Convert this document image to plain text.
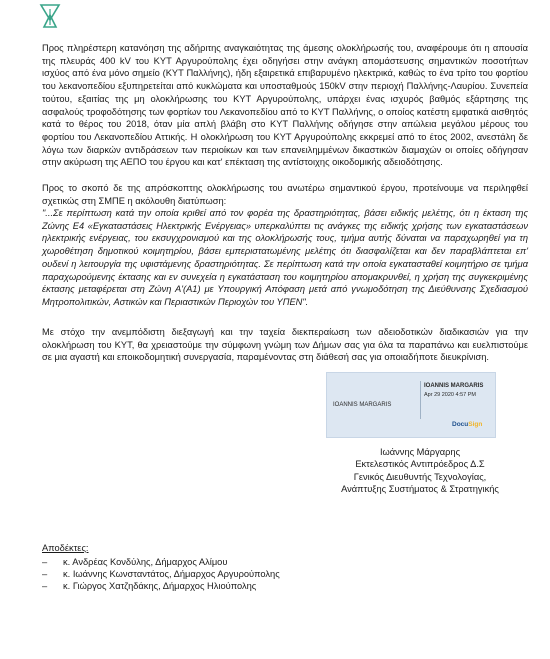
Προς πληρέστερη κατανόηση της αδήριτης αναγκαιότητας της άμεσης ολοκλήρωσής του, αναφέρουμε ότι η απουσία της πλευράς 400 kV του ΚΥΤ Αργυρούπολης έχει οδηγήσει στην ανάγκη απομάστευσης σημαντικών ποσοτήτων ισχύος από ένα μόνο σημείο (ΚΥΤ Παλλήνης), ήδη εξαιρετικά επιβαρυμένο ηλεκτρικά, καθώς το ένα τρίτο του φορτίου του λεκανοπεδίου εξυπηρετείται από κυκλώματα και υποσταθμούς 150kV στην περιοχή Παλλήνης-Λαυρίου. Συνεπεία τούτου, εξαιτίας της μη ολοκλήρωσης του ΚΥΤ Αργυρούπολης, υπάρχει ένας ισχυρός βαθμός εξάρτησης της ασφαλούς τροφοδότησης των φορτίων του Λεκανοπεδίου από το ΚΥΤ Παλλήνης, ο οποίος κατέστη εμφατικά αισθητός κατά το θέρος του 2018, όταν μία απλή βλάβη στο ΚΥΤ Παλλήνης οδήγησε στην απώλεια μεγάλου μέρους του φορτίου του Λεκανοπεδίου Αττικής. Η ολοκλήρωση του ΚΥΤ Αργυρούπολης εκκρεμεί από το έτος 2002, ανεστάλη δε λόγω των διαρκών αντιδράσεων των περιοίκων και των επανειλημμένων δικαστικών διαμαχών οι οποίες οδήγησαν στην ακύρωση της ΑΕΠΟ του έργου και κατ' επέκταση της αντίστοιχης οικοδομικής αδειοδότησης.

Προς το σκοπό δε της απρόσκοπτης ολοκλήρωσης του ανωτέρω σημαντικού έργου, προτείνουμε να περιληφθεί σχετικώς στη ΣΜΠΕ η ακόλουθη διατύπωση:

"...Σε περίπτωση κατά την οποία κριθεί από τον φορέα της δραστηριότητας, βάσει ειδικής μελέτης, ότι η έκταση της Ζώνης Ε4 «Εγκαταστάσεις Ηλεκτρικής Ενέργειας» υπερκαλύπτει τις ανάγκες της ειδικής χρήσης των εγκαταστάσεων ηλεκτρικής ενέργειας, του εκσυγχρονισμού και της ολοκλήρωσής τους, τμήμα αυτής δύναται να παραχωρηθεί για τη χωροθέτηση δημοτικού κοιμητηρίου, βάσει εμπεριστατωμένης μελέτης ότι διασφαλίζεται και δεν παραβλάπτεται επ' ουδενί η λειτουργία της υφιστάμενης δραστηριότητας. Σε περίπτωση κατά την οποία εγκατασταθεί κοιμητήριο σε τμήμα παραχωρούμενης έκτασης και εν συνεχεία η εγκατάσταση του κοιμητηρίου απομακρυνθεί, η χρήση της συγκεκριμένης έκτασης μεταφέρεται στη Ζώνη Α'(Α1) με Υπουργική Απόφαση μετά από γνωμοδότηση της Διεύθυνσης Σχεδιασμού Μητροπολιτικών, Αστικών και Περιαστικών Περιοχών του ΥΠΕΝ".

Με στόχο την ανεμπόδιστη διεξαγωγή και την ταχεία διεκπεραίωση των αδειοδοτικών διαδικασιών για την ολοκλήρωση του ΚΥΤ, θα χρειαστούμε την σύμφωνη γνώμη των Δήμων σας για όλα τα παραπάνω και ευελπιστούμε σε μια αγαστή και εποικοδομητική συνεργασία, παραμένοντας στη διάθεσή σας για οποιαδήποτε διευκρίνιση.

IOANNIS MARGARIS
IOANNIS MARGARIS
Apr 29 2020 4:57 PM
DocuSign
Ιωάννης Μάργαρης
Εκτελεστικός Αντιπρόεδρος Δ.Σ
Γενικός Διευθυντής Τεχνολογίας,
Ανάπτυξης Συστήματος & Στρατηγικής
Αποδέκτες:
–	κ. Ανδρέας Κονδύλης, Δήμαρχος Αλίμου
–	κ. Ιωάννης Κωνσταντάτος, Δήμαρχος Αργυρούπολης
–	κ. Γιώργος Χατζηδάκης, Δήμαρχος Ηλιούπολης
